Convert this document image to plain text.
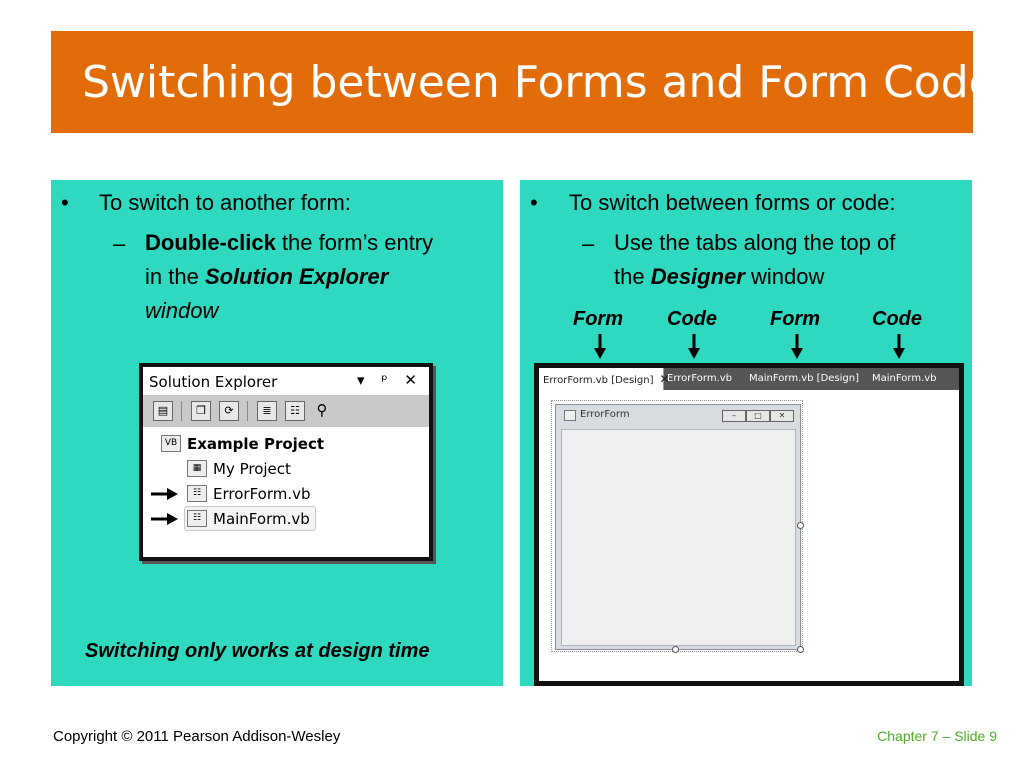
Switching between Forms and Form Code
• To switch to another form:
– Double-click the form’s entry
in the Solution Explorer
window
Solution Explorer	▾ ᵖ ✕
▤	❐	⟳	≣	☷	⚲
VB Example Project
▦ My Project
☷ ErrorForm.vb
☷ MainForm.vb
Switching only works at design time
• To switch between forms or code:
– Use the tabs along the top of
the Designer window
Form Code	Form	Code
ErrorForm.vb [Design] ✕
ErrorForm.vb MainForm.vb [Design] MainForm.vb
ErrorForm	–	□	✕
Copyright © 2011 Pearson Addison-Wesley	Chapter 7 – Slide 9
